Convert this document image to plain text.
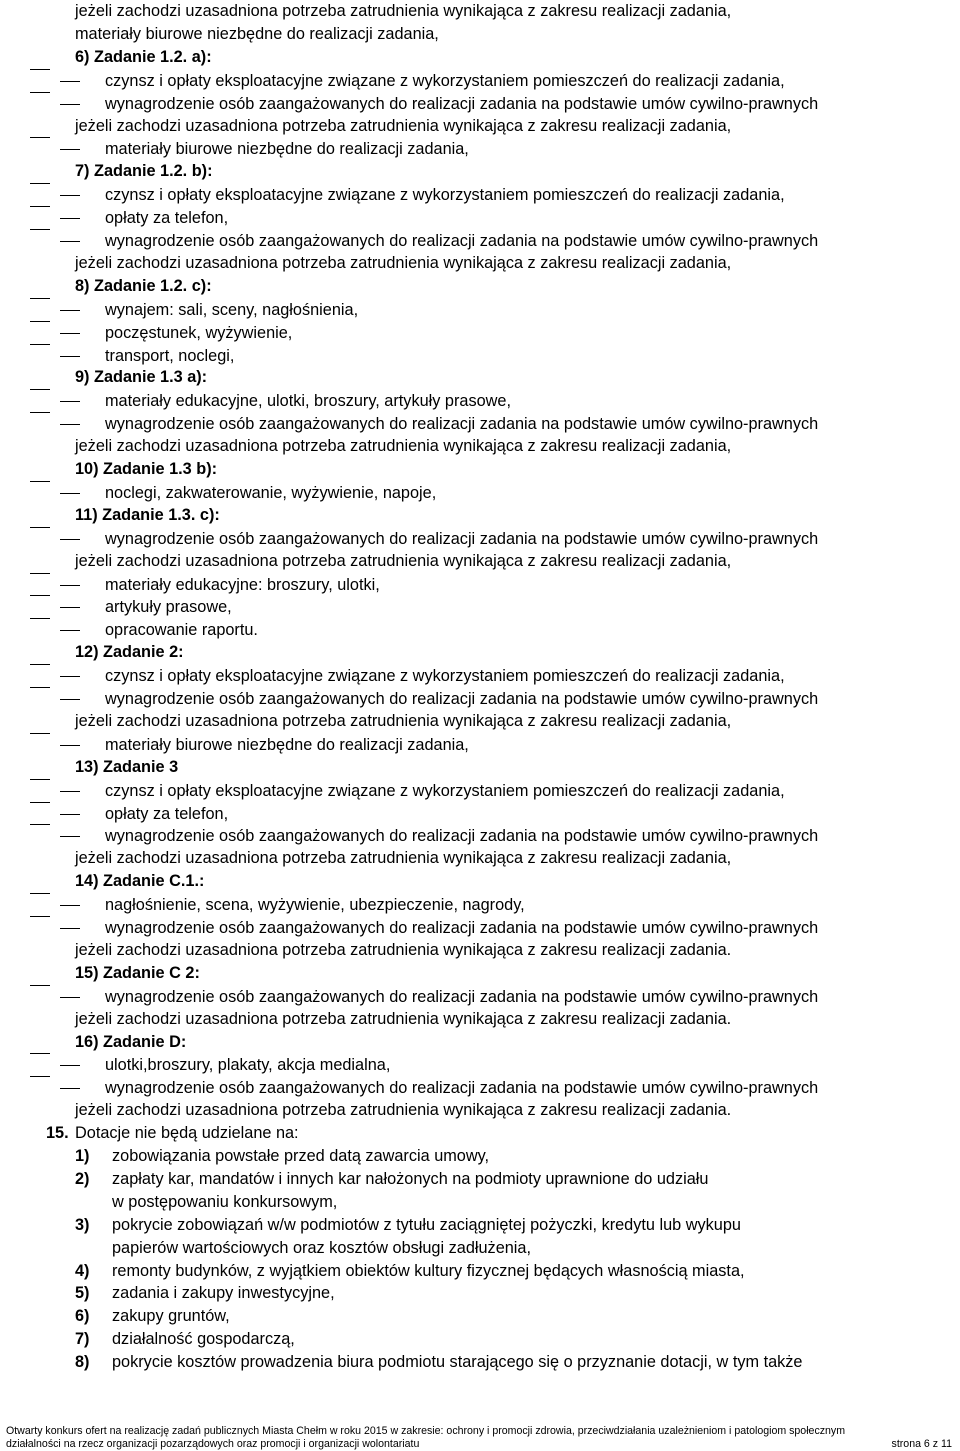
jeżeli zachodzi uzasadniona potrzeba zatrudnienia wynikająca z zakresu realizacji zadania,
materiały biurowe niezbędne do realizacji zadania,
6) Zadanie 1.2. a):
czynsz i opłaty eksploatacyjne związane z wykorzystaniem pomieszczeń do realizacji zadania,
wynagrodzenie osób zaangażowanych do realizacji zadania na podstawie umów cywilno-prawnych
jeżeli zachodzi uzasadniona potrzeba zatrudnienia wynikająca z zakresu realizacji zadania,
materiały biurowe niezbędne do realizacji zadania,
7) Zadanie 1.2. b):
czynsz i opłaty eksploatacyjne związane z wykorzystaniem pomieszczeń do realizacji zadania,
opłaty za telefon,
wynagrodzenie osób zaangażowanych do realizacji zadania na podstawie umów cywilno-prawnych
jeżeli zachodzi uzasadniona potrzeba zatrudnienia wynikająca z zakresu realizacji zadania,
8) Zadanie 1.2. c):
wynajem: sali, sceny, nagłośnienia,
poczęstunek, wyżywienie,
transport, noclegi,
9) Zadanie 1.3 a):
materiały edukacyjne, ulotki, broszury, artykuły prasowe,
wynagrodzenie osób zaangażowanych do realizacji zadania na podstawie umów cywilno-prawnych
jeżeli zachodzi uzasadniona potrzeba zatrudnienia wynikająca z zakresu realizacji zadania,
10) Zadanie 1.3 b):
noclegi, zakwaterowanie, wyżywienie, napoje,
11) Zadanie 1.3. c):
wynagrodzenie osób zaangażowanych do realizacji zadania na podstawie umów cywilno-prawnych
jeżeli zachodzi uzasadniona potrzeba zatrudnienia wynikająca z zakresu realizacji zadania,
materiały edukacyjne: broszury, ulotki,
artykuły prasowe,
opracowanie raportu.
12) Zadanie 2:
czynsz i opłaty eksploatacyjne związane z wykorzystaniem pomieszczeń do realizacji zadania,
wynagrodzenie osób zaangażowanych do realizacji zadania na podstawie umów cywilno-prawnych
jeżeli zachodzi uzasadniona potrzeba zatrudnienia wynikająca z zakresu realizacji zadania,
materiały biurowe niezbędne do realizacji zadania,
13) Zadanie 3
czynsz i opłaty eksploatacyjne związane z wykorzystaniem pomieszczeń do realizacji zadania,
opłaty za telefon,
wynagrodzenie osób zaangażowanych do realizacji zadania na podstawie umów cywilno-prawnych
jeżeli zachodzi uzasadniona potrzeba zatrudnienia wynikająca z zakresu realizacji zadania,
14) Zadanie C.1.:
nagłośnienie, scena, wyżywienie, ubezpieczenie, nagrody,
wynagrodzenie osób zaangażowanych do realizacji zadania na podstawie umów cywilno-prawnych
jeżeli zachodzi uzasadniona potrzeba zatrudnienia wynikająca z zakresu realizacji zadania.
15) Zadanie C 2:
wynagrodzenie osób zaangażowanych do realizacji zadania na podstawie umów cywilno-prawnych
jeżeli zachodzi uzasadniona potrzeba zatrudnienia wynikająca z zakresu realizacji zadania.
16) Zadanie D:
ulotki,broszury, plakaty, akcja medialna,
wynagrodzenie osób zaangażowanych do realizacji zadania na podstawie umów cywilno-prawnych
jeżeli zachodzi uzasadniona potrzeba zatrudnienia wynikająca z zakresu realizacji zadania.
15. Dotacje nie będą udzielane na:
1) zobowiązania powstałe przed datą zawarcia umowy,
2) zapłaty kar, mandatów i innych kar nałożonych na podmioty uprawnione do udziału
w postępowaniu konkursowym,
3) pokrycie zobowiązań w/w podmiotów z tytułu zaciągniętej pożyczki, kredytu lub wykupu
papierów wartościowych oraz kosztów obsługi zadłużenia,
4) remonty budynków, z wyjątkiem obiektów kultury fizycznej będących własnością miasta,
5) zadania i zakupy inwestycyjne,
6) zakupy gruntów,
7) działalność gospodarczą,
8) pokrycie kosztów prowadzenia biura podmiotu starającego się o przyznanie dotacji, w tym także
Otwarty konkurs ofert na realizację zadań publicznych Miasta Chełm w roku 2015 w zakresie: ochrony i promocji zdrowia, przeciwdziałania uzależnieniom i patologiom społecznym
działalności na rzecz organizacji pozarządowych oraz promocji i organizacji wolontariatu	strona 6 z 11
